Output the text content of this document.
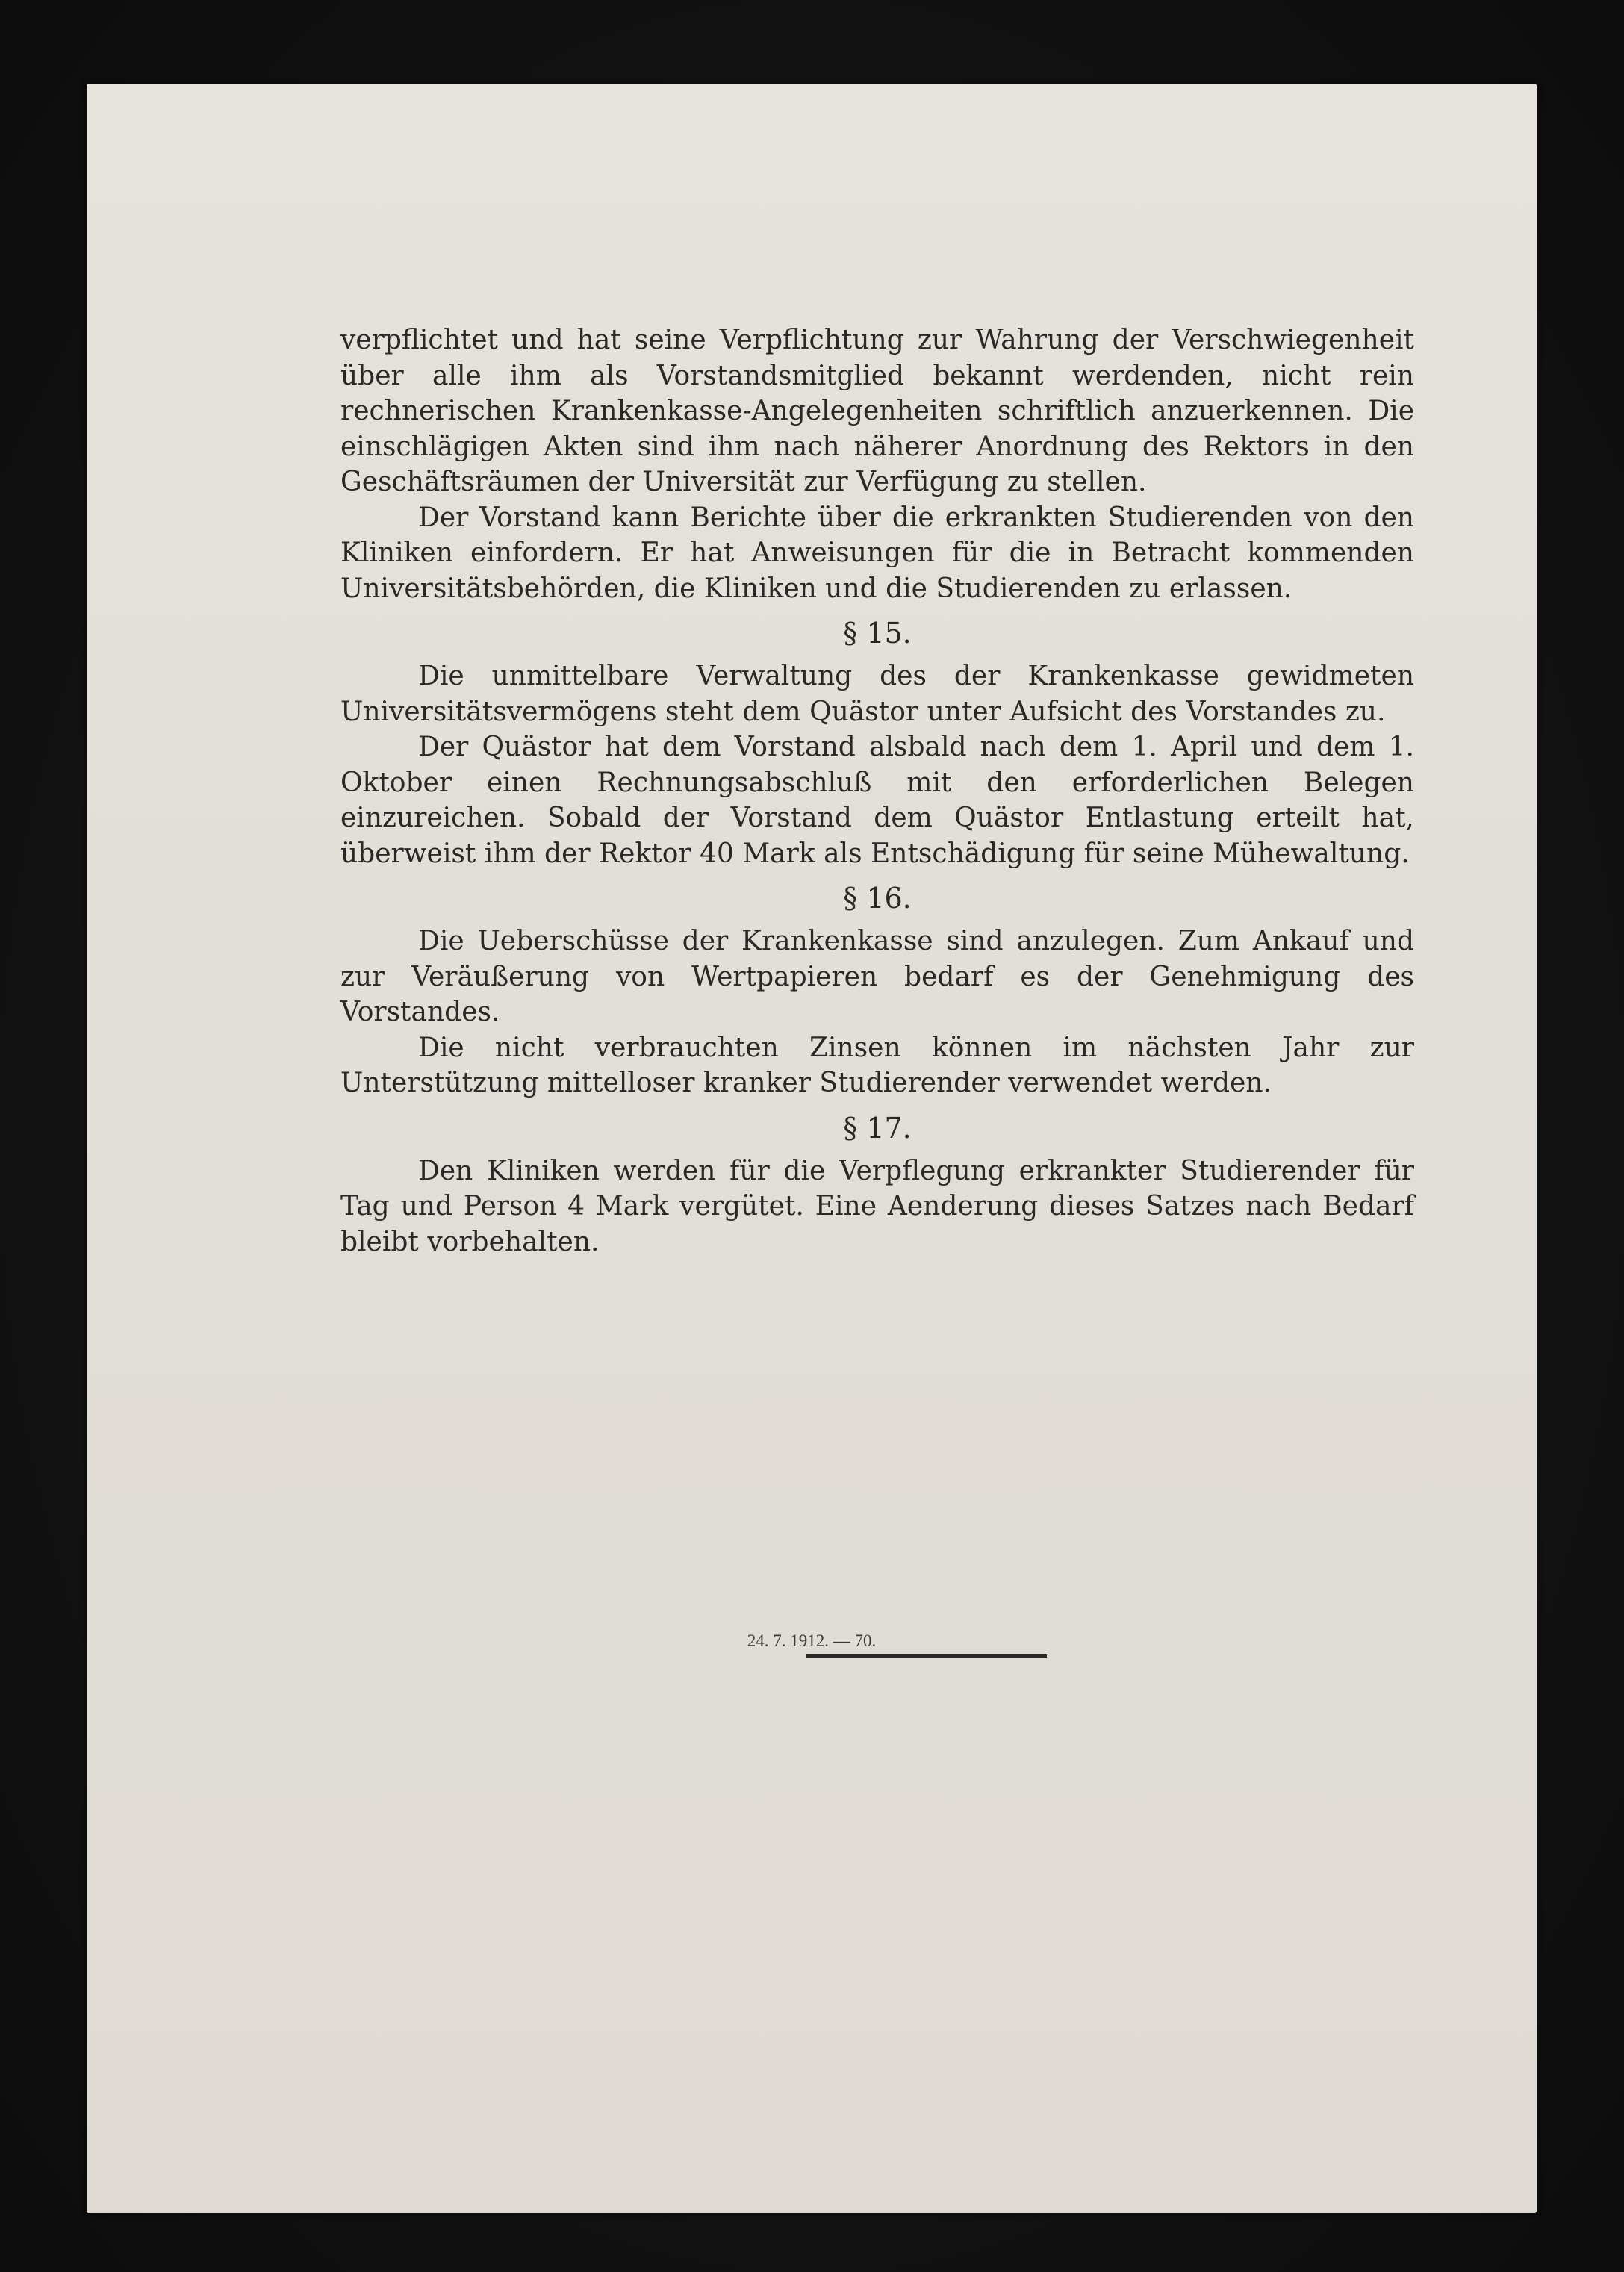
verpflichtet und hat seine Verpflichtung zur Wahrung der Verschwiegenheit über alle ihm als Vorstandsmitglied bekannt werdenden, nicht rein rechnerischen Krankenkasse-Angelegenheiten schriftlich anzuerkennen. Die einschlägigen Akten sind ihm nach näherer Anordnung des Rektors in den Geschäftsräumen der Universität zur Verfügung zu stellen.

Der Vorstand kann Berichte über die erkrankten Studierenden von den Kliniken einfordern. Er hat Anweisungen für die in Betracht kommenden Universitätsbehörden, die Kliniken und die Studierenden zu erlassen.

§ 15.

Die unmittelbare Verwaltung des der Krankenkasse gewidmeten Universitätsvermögens steht dem Quästor unter Aufsicht des Vorstandes zu.

Der Quästor hat dem Vorstand alsbald nach dem 1. April und dem 1. Oktober einen Rechnungsabschluß mit den erforderlichen Belegen einzureichen. Sobald der Vorstand dem Quästor Entlastung erteilt hat, überweist ihm der Rektor 40 Mark als Entschädigung für seine Mühewaltung.

§ 16.

Die Ueberschüsse der Krankenkasse sind anzulegen. Zum Ankauf und zur Veräußerung von Wertpapieren bedarf es der Genehmigung des Vorstandes.

Die nicht verbrauchten Zinsen können im nächsten Jahr zur Unterstützung mittelloser kranker Studierender verwendet werden.

§ 17.

Den Kliniken werden für die Verpflegung erkrankter Studierender für Tag und Person 4 Mark vergütet. Eine Aenderung dieses Satzes nach Bedarf bleibt vorbehalten.

24. 7. 1912. — 70.
